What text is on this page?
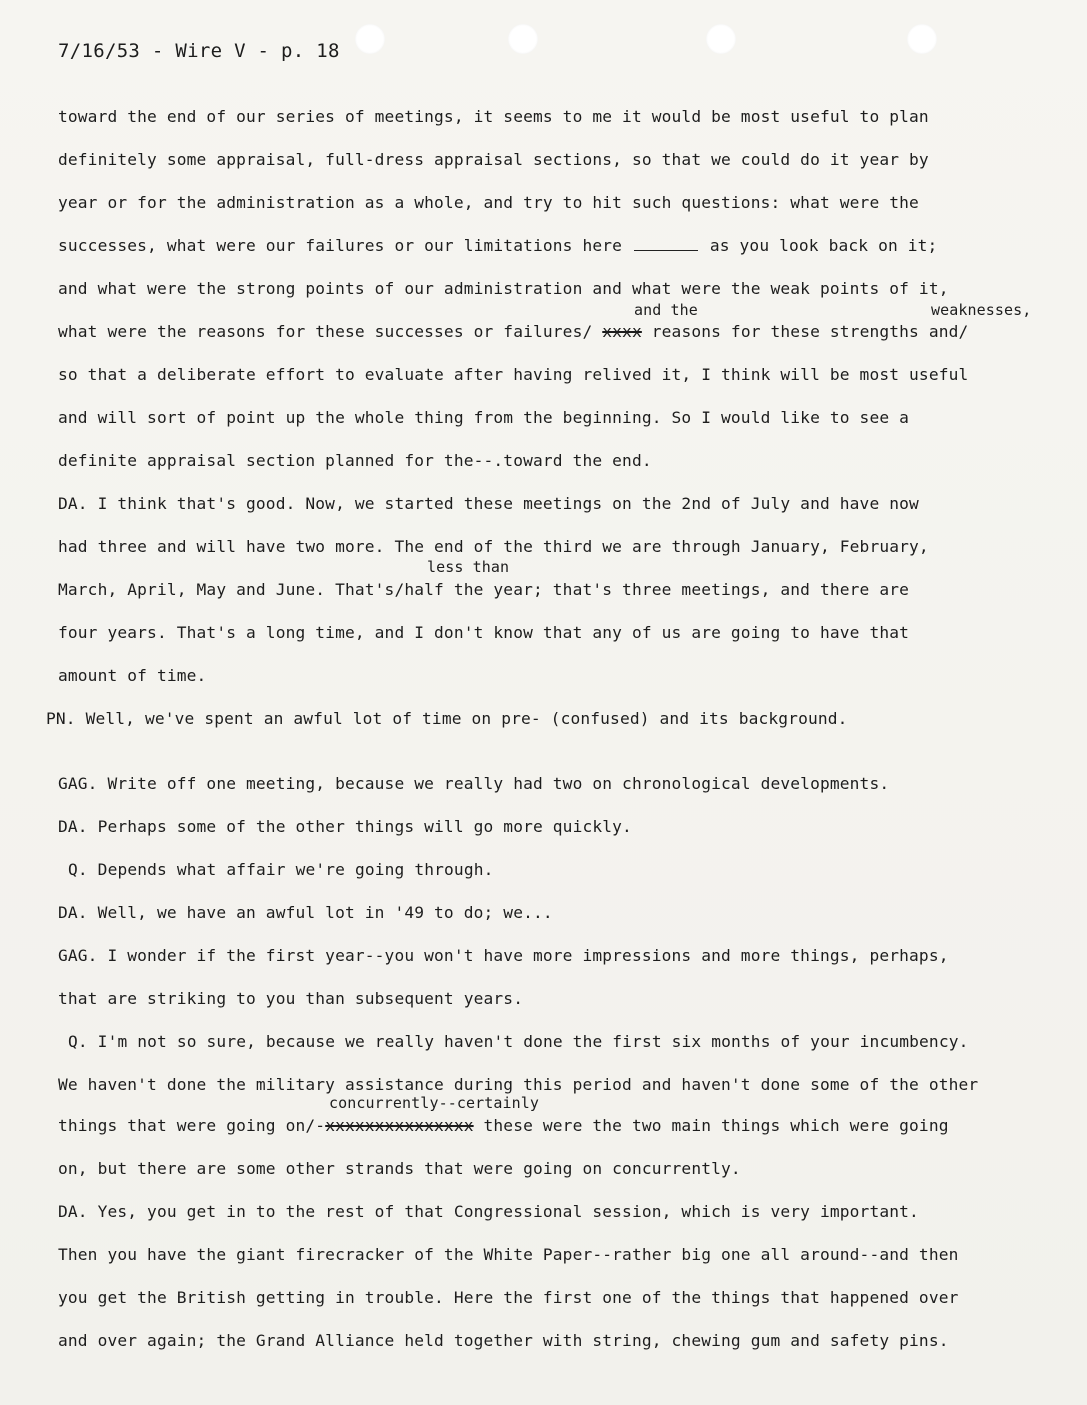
7/16/53 - Wire V - p. 18
and the	weaknesses,
less than
concurrently--certainly
toward the end of our series of meetings, it seems to me it would be most useful to plan
definitely some appraisal, full-dress appraisal sections, so that we could do it year by
year or for the administration as a whole, and try to hit such questions: what were the
successes, what were our failures or our limitations here	as you look back on it;
and what were the strong points of our administration and what were the weak points of it,
what were the reasons for these successes or failures/ xxxx reasons for these strengths and/
so that a deliberate effort to evaluate after having relived it, I think will be most useful
and will sort of point up the whole thing from the beginning. So I would like to see a
definite appraisal section planned for the--.toward the end.
DA. I think that's good. Now, we started these meetings on the 2nd of July and have now
had three and will have two more. The end of the third we are through January, February,
March, April, May and June. That's/half the year; that's three meetings, and there are
four years. That's a long time, and I don't know that any of us are going to have that
amount of time.
PN. Well, we've spent an awful lot of time on pre- (confused) and its background.
GAG. Write off one meeting, because we really had two on chronological developments.
DA. Perhaps some of the other things will go more quickly.
Q. Depends what affair we're going through.
DA. Well, we have an awful lot in '49 to do; we...
GAG. I wonder if the first year--you won't have more impressions and more things, perhaps,
that are striking to you than subsequent years.
Q. I'm not so sure, because we really haven't done the first six months of your incumbency.
We haven't done the military assistance during this period and haven't done some of the other
things that were going on/-xxxxxxxxxxxxxxx these were the two main things which were going
on, but there are some other strands that were going on concurrently.
DA. Yes, you get in to the rest of that Congressional session, which is very important.
Then you have the giant firecracker of the White Paper--rather big one all around--and then
you get the British getting in trouble. Here the first one of the things that happened over
and over again; the Grand Alliance held together with string, chewing gum and safety pins.
